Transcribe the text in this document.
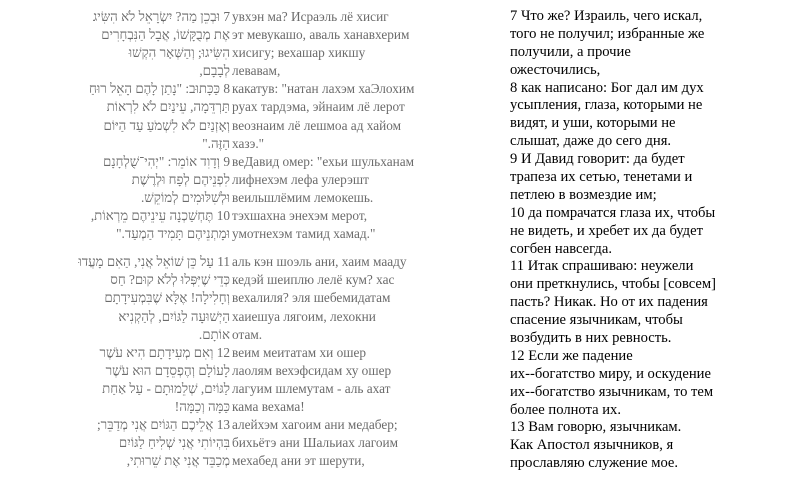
7 וּבְכֵן מַה? יִשְׂרָאֵל לֹא הִשִּׂיג
אֶת מְבֻקָּשׁוֹ, אֲבָל הַנִּבְחָרִים
הִשִּׂיגוּ; וְהַשְּׁאָר הִקְשׁוּ
לְבָבָם,
8 כַּכָּתוּב: "נָתַן לָהֶם הָאֵל רוּחַ
תַּרְדֵּמָה, עֵינַיִם לֹא לִרְאוֹת
וְאָזְנַיִם לֹא לִשְׁמֹעַ עַד הַיּוֹם
הַזֶּה."
9 וְדָוִד אוֹמֵר: "יְהִי־שֻׁלְחָנָם
לִפְנֵיהֶם לְפָח וּלְרֶשֶׁת
וּלְשִׁלּוּמִים לְמוֹקֵשׁ.
10 תֶּחְשַׁכְנָה עֵינֵיהֶם מֵרְאוֹת,
וּמָתְנֵיהֶם תָּמִיד הַמְעַד."
11 עַל כֵּן שׁוֹאֵל אֲנִי, הַאִם מָעֲדוּ
כְּדֵי שֶׁיִּפְּלוּ לְלֹא קוּם? חַס
וְחָלִילָה! אֶלָּא שֶׁבִּמְעִידָתָם
הַיְשׁוּעָה לַגּוֹיִם, לְהַקְנִיא
אוֹתָם.
12 וְאִם מְעִידָתָם הִיא עֹשֶׁר
לָעוֹלָם וְהֶפְסֵדָם הוּא עֹשֶׁר
לַגּוֹיִם, שְׁלֵמוּתָם - עַל אַחַת
כַּמָּה וְכַמָּה!
13 אֲלֵיכֶם הַגּוֹיִם אֲנִי מְדַבֵּר;
בִּהְיוֹתִי אֲנִי שְׁלִיחַ לַגּוֹיִם
מְכַבֵּד אֲנִי אֶת שֵׁרוּתִי,
увхэн ма? Исраэль лё хисиг
эт мевукашо, аваль ханавхерим
хисигу; вехашар хикшу
левавам,
какатув: "натан лахэм хаЭлохим
руах тардэма, эйнаим лё лерот
веознаим лё лешмоа ад хайом
хазэ."
веДавид омер: "ехьи шульханам
лифнехэм лефа улерэшт
веильшлёмим лемокешь.
тэхшахна энехэм мерот,
умотнехэм тамид хамад."
аль кэн шоэль ани, хаим мааду
кедэй шеиплю лелё кум? хас
вехалиля? эля шебемидатам
хаиешуа лягоим, лехокни
отам.
веим меитатам хи ошер
лаолям вехэфсидам ху ошер
лагуим шлемутам - аль ахат
кама вехама!
алейхэм хагоим ани медабер;
бихьётэ ани Шальиах лагоим
мехабед ани эт шерути,
7 Что же? Израиль, чего искал,
того не получил; избранные же
получили, а прочие
ожесточились,
8 как написано: Бог дал им дух
усыпления, глаза, которыми не
видят, и уши, которыми не
слышат, даже до сего дня.
9 И Давид говорит: да будет
трапеза их сетью, тенетами и
петлею в возмездие им;
10 да помрачатся глаза их, чтобы
не видеть, и хребет их да будет
согбен навсегда.
11 Итак спрашиваю: неужели
они преткнулись, чтобы [совсем]
пасть? Никак. Но от их падения
спасение язычникам, чтобы
возбудить в них ревность.
12 Если же падение
их--богатство миру, и оскудение
их--богатство язычникам, то тем
более полнота их.
13 Вам говорю, язычникам.
Как Апостол язычников, я
прославляю служение мое.
